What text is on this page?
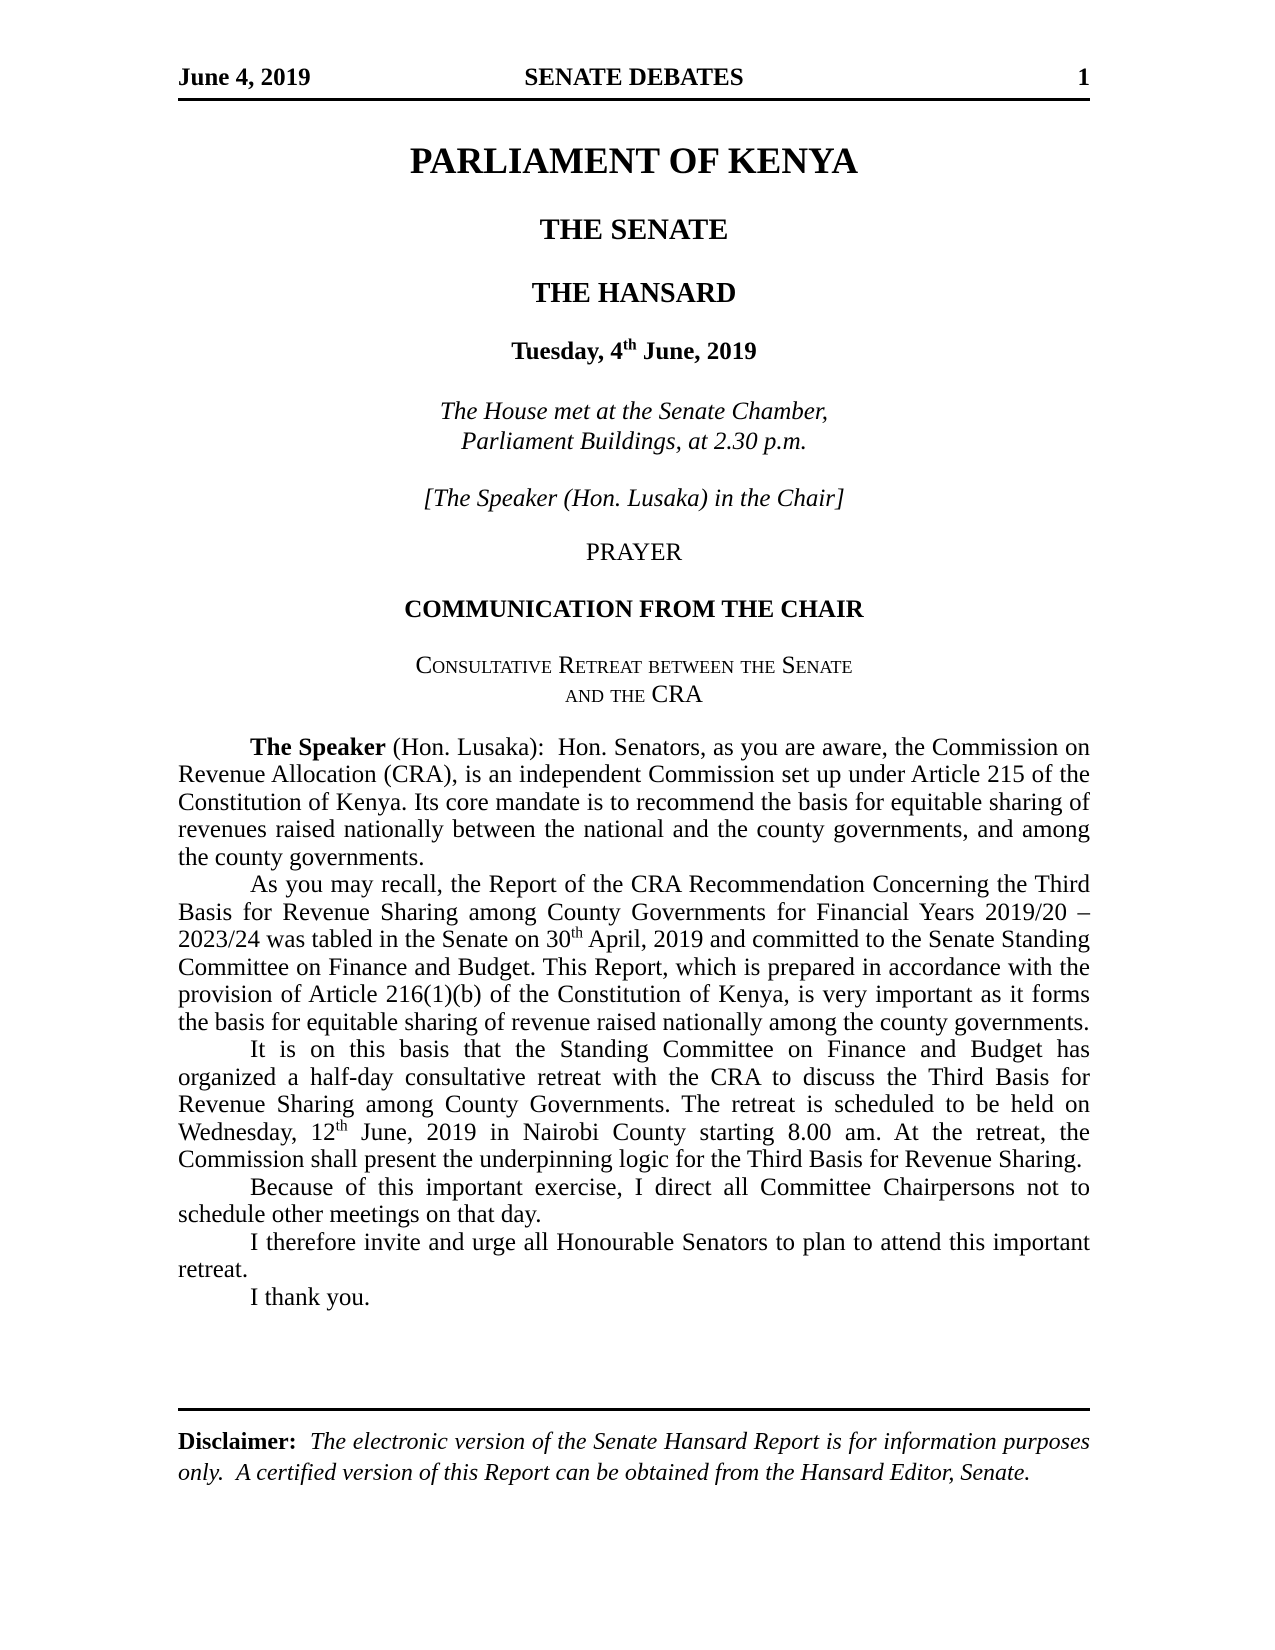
June 4, 2019	SENATE DEBATES	1
PARLIAMENT OF KENYA
THE SENATE
THE HANSARD
Tuesday, 4th June, 2019
The House met at the Senate Chamber,
Parliament Buildings, at 2.30 p.m.
[The Speaker (Hon. Lusaka) in the Chair]
PRAYER
COMMUNICATION FROM THE CHAIR
Consultative Retreat between the Senate
and the CRA

The Speaker (Hon. Lusaka):  Hon. Senators, as you are aware, the Commission on Revenue Allocation (CRA), is an independent Commission set up under Article 215 of the Constitution of Kenya. Its core mandate is to recommend the basis for equitable sharing of revenues raised nationally between the national and the county governments, and among the county governments.

As you may recall, the Report of the CRA Recommendation Concerning the Third Basis for Revenue Sharing among County Governments for Financial Years 2019/20 – 2023/24 was tabled in the Senate on 30th April, 2019 and committed to the Senate Standing Committee on Finance and Budget. This Report, which is prepared in accordance with the provision of Article 216(1)(b) of the Constitution of Kenya, is very important as it forms the basis for equitable sharing of revenue raised nationally among the county governments.

It is on this basis that the Standing Committee on Finance and Budget has organized a half-day consultative retreat with the CRA to discuss the Third Basis for Revenue Sharing among County Governments. The retreat is scheduled to be held on Wednesday, 12th June, 2019 in Nairobi County starting 8.00 am. At the retreat, the Commission shall present the underpinning logic for the Third Basis for Revenue Sharing.

Because of this important exercise, I direct all Committee Chairpersons not to schedule other meetings on that day.

I therefore invite and urge all Honourable Senators to plan to attend this important retreat.

I thank you.

Disclaimer: The electronic version of the Senate Hansard Report is for information purposes only.  A certified version of this Report can be obtained from the Hansard Editor, Senate.
